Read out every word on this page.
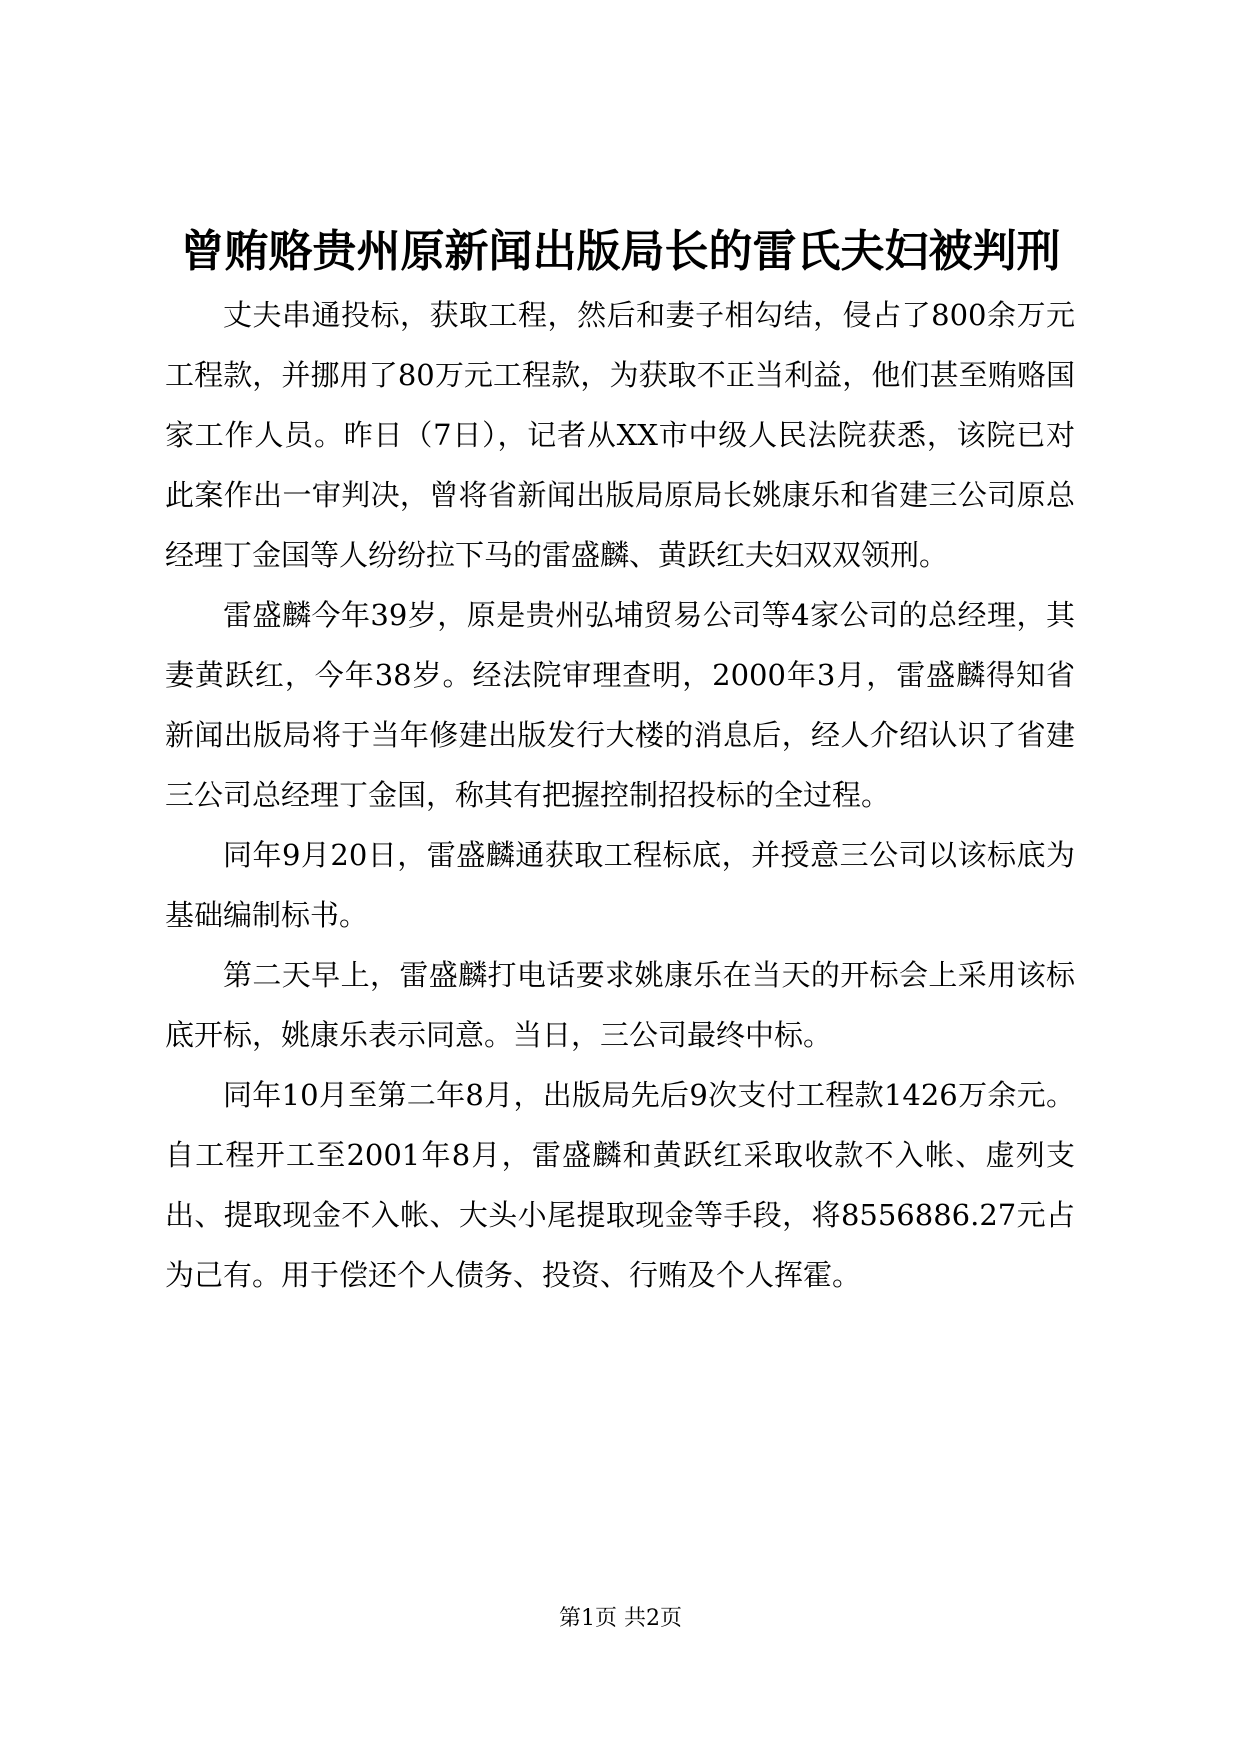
曾贿赂贵州原新闻出版局长的雷氏夫妇被判刑

丈夫串通投标，获取工程，然后和妻子相勾结，侵占了800余万元工程款，并挪用了80万元工程款，为获取不正当利益，他们甚至贿赂国家工作人员。昨日（7日），记者从XX市中级人民法院获悉，该院已对此案作出一审判决，曾将省新闻出版局原局长姚康乐和省建三公司原总经理丁金国等人纷纷拉下马的雷盛麟、黄跃红夫妇双双领刑。

雷盛麟今年39岁，原是贵州弘埔贸易公司等4家公司的总经理，其妻黄跃红，今年38岁。经法院审理查明，2000年3月，雷盛麟得知省新闻出版局将于当年修建出版发行大楼的消息后，经人介绍认识了省建三公司总经理丁金国，称其有把握控制招投标的全过程。

同年9月20日，雷盛麟通获取工程标底，并授意三公司以该标底为基础编制标书。

第二天早上，雷盛麟打电话要求姚康乐在当天的开标会上采用该标底开标，姚康乐表示同意。当日，三公司最终中标。

同年10月至第二年8月，出版局先后9次支付工程款1426万余元。自工程开工至2001年8月，雷盛麟和黄跃红采取收款不入帐、虚列支出、提取现金不入帐、大头小尾提取现金等手段，将8556886.27元占为己有。用于偿还个人债务、投资、行贿及个人挥霍。

第1页 共2页
